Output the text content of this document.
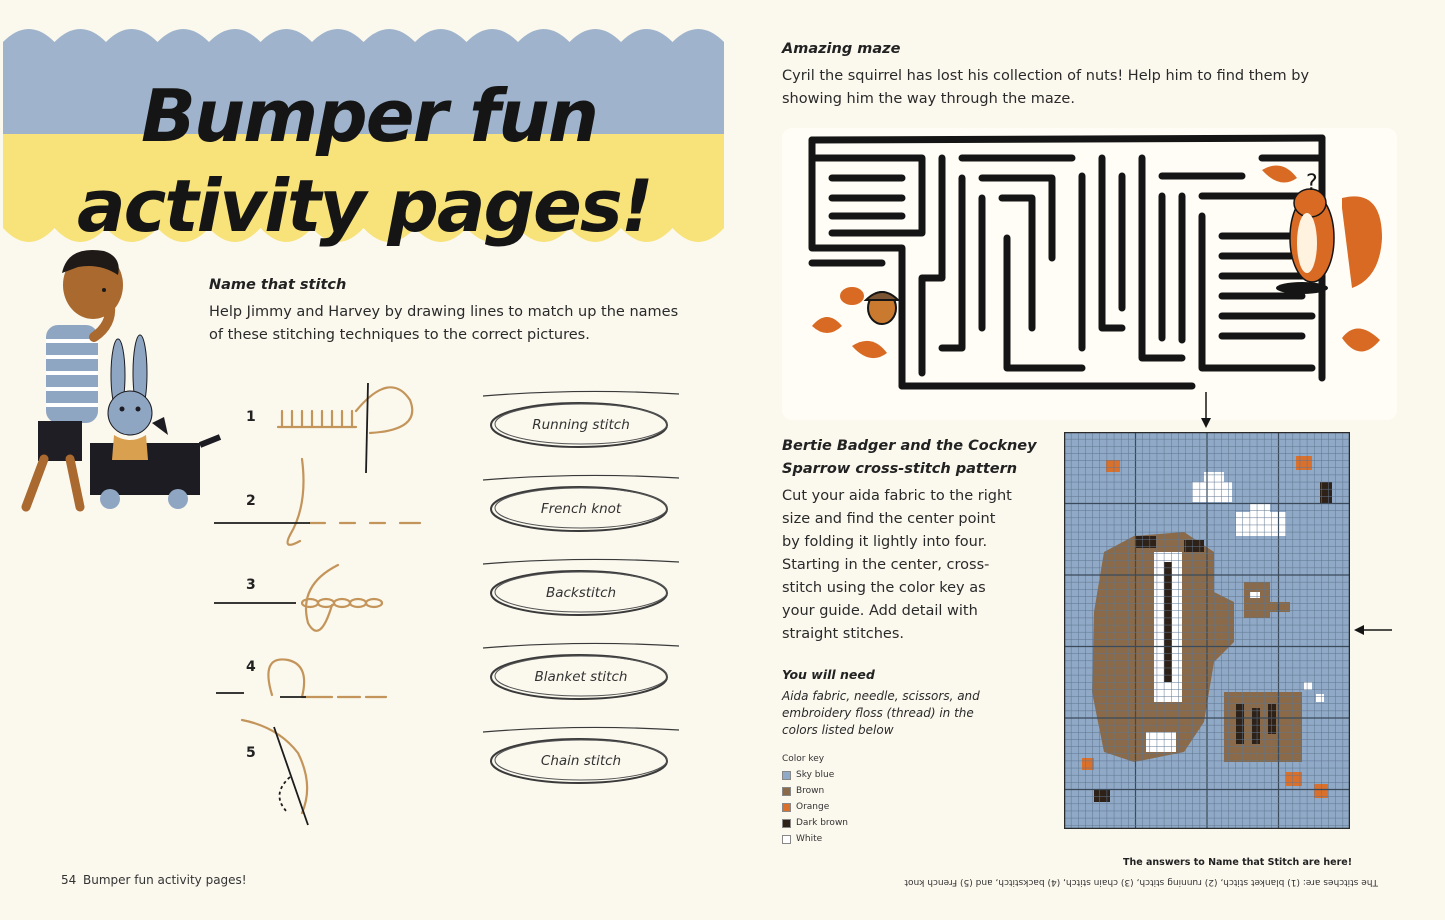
Bumper fun
activity pages!
Name that stitch
Help Jimmy and Harvey by drawing lines to match up the names of these stitching techniques to the correct pictures.
1
2
3
4
5
Running stitch
French knot
Backstitch
Blanket stitch
Chain stitch
54 Bumper fun activity pages!
Amazing maze
Cyril the squirrel has lost his collection of nuts! Help him to find them by showing him the way through the maze.
?
Bertie Badger and the Cockney
Sparrow cross-stitch pattern
Cut your aida fabric to the right size and find the center point by folding it lightly into four. Starting in the center, cross-stitch using the color key as your guide. Add detail with straight stitches.
You will need
Aida fabric, needle, scissors, and embroidery floss (thread) in the colors listed below
Color key
Sky blue
Brown
Orange
Dark brown
White
The answers to Name that Stitch are here!
The stitches are: (1) blanket stitch, (2) running stitch, (3) chain stitch, (4) backstitch, and (5) French knot
